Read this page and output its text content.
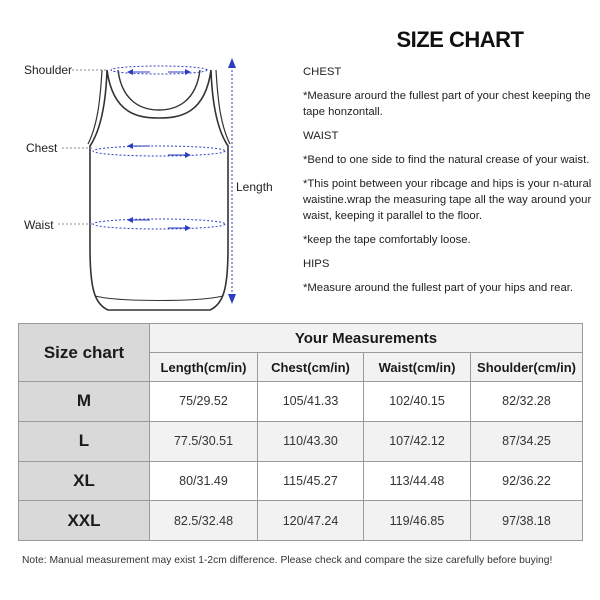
SIZE CHART
Shoulder
Chest
Waist
Length
CHEST
*Measure arourd the fullest part of your chest keeping the tape honzontall.
WAIST
*Bend to one side to find the natural crease of your waist.
*This point between your ribcage and hips is your n-atural waistine.wrap the measuring tape all the way around your waist, keeping it parallel to the floor.
*keep the tape comfortably loose.
HIPS
*Measure around the fullest part of your hips and rear.
Size chart	Your Measurements			
	Length(cm/in)	Chest(cm/in)	Waist(cm/in)	Shoulder(cm/in)
M	75/29.52	105/41.33	102/40.15	82/32.28
L	77.5/30.51	110/43.30	107/42.12	87/34.25
XL	80/31.49	115/45.27	113/44.48	92/36.22
XXL	82.5/32.48	120/47.24	119/46.85	97/38.18
Note: Manual measurement may exist 1-2cm difference. Please check and compare the size carefully before buying!
